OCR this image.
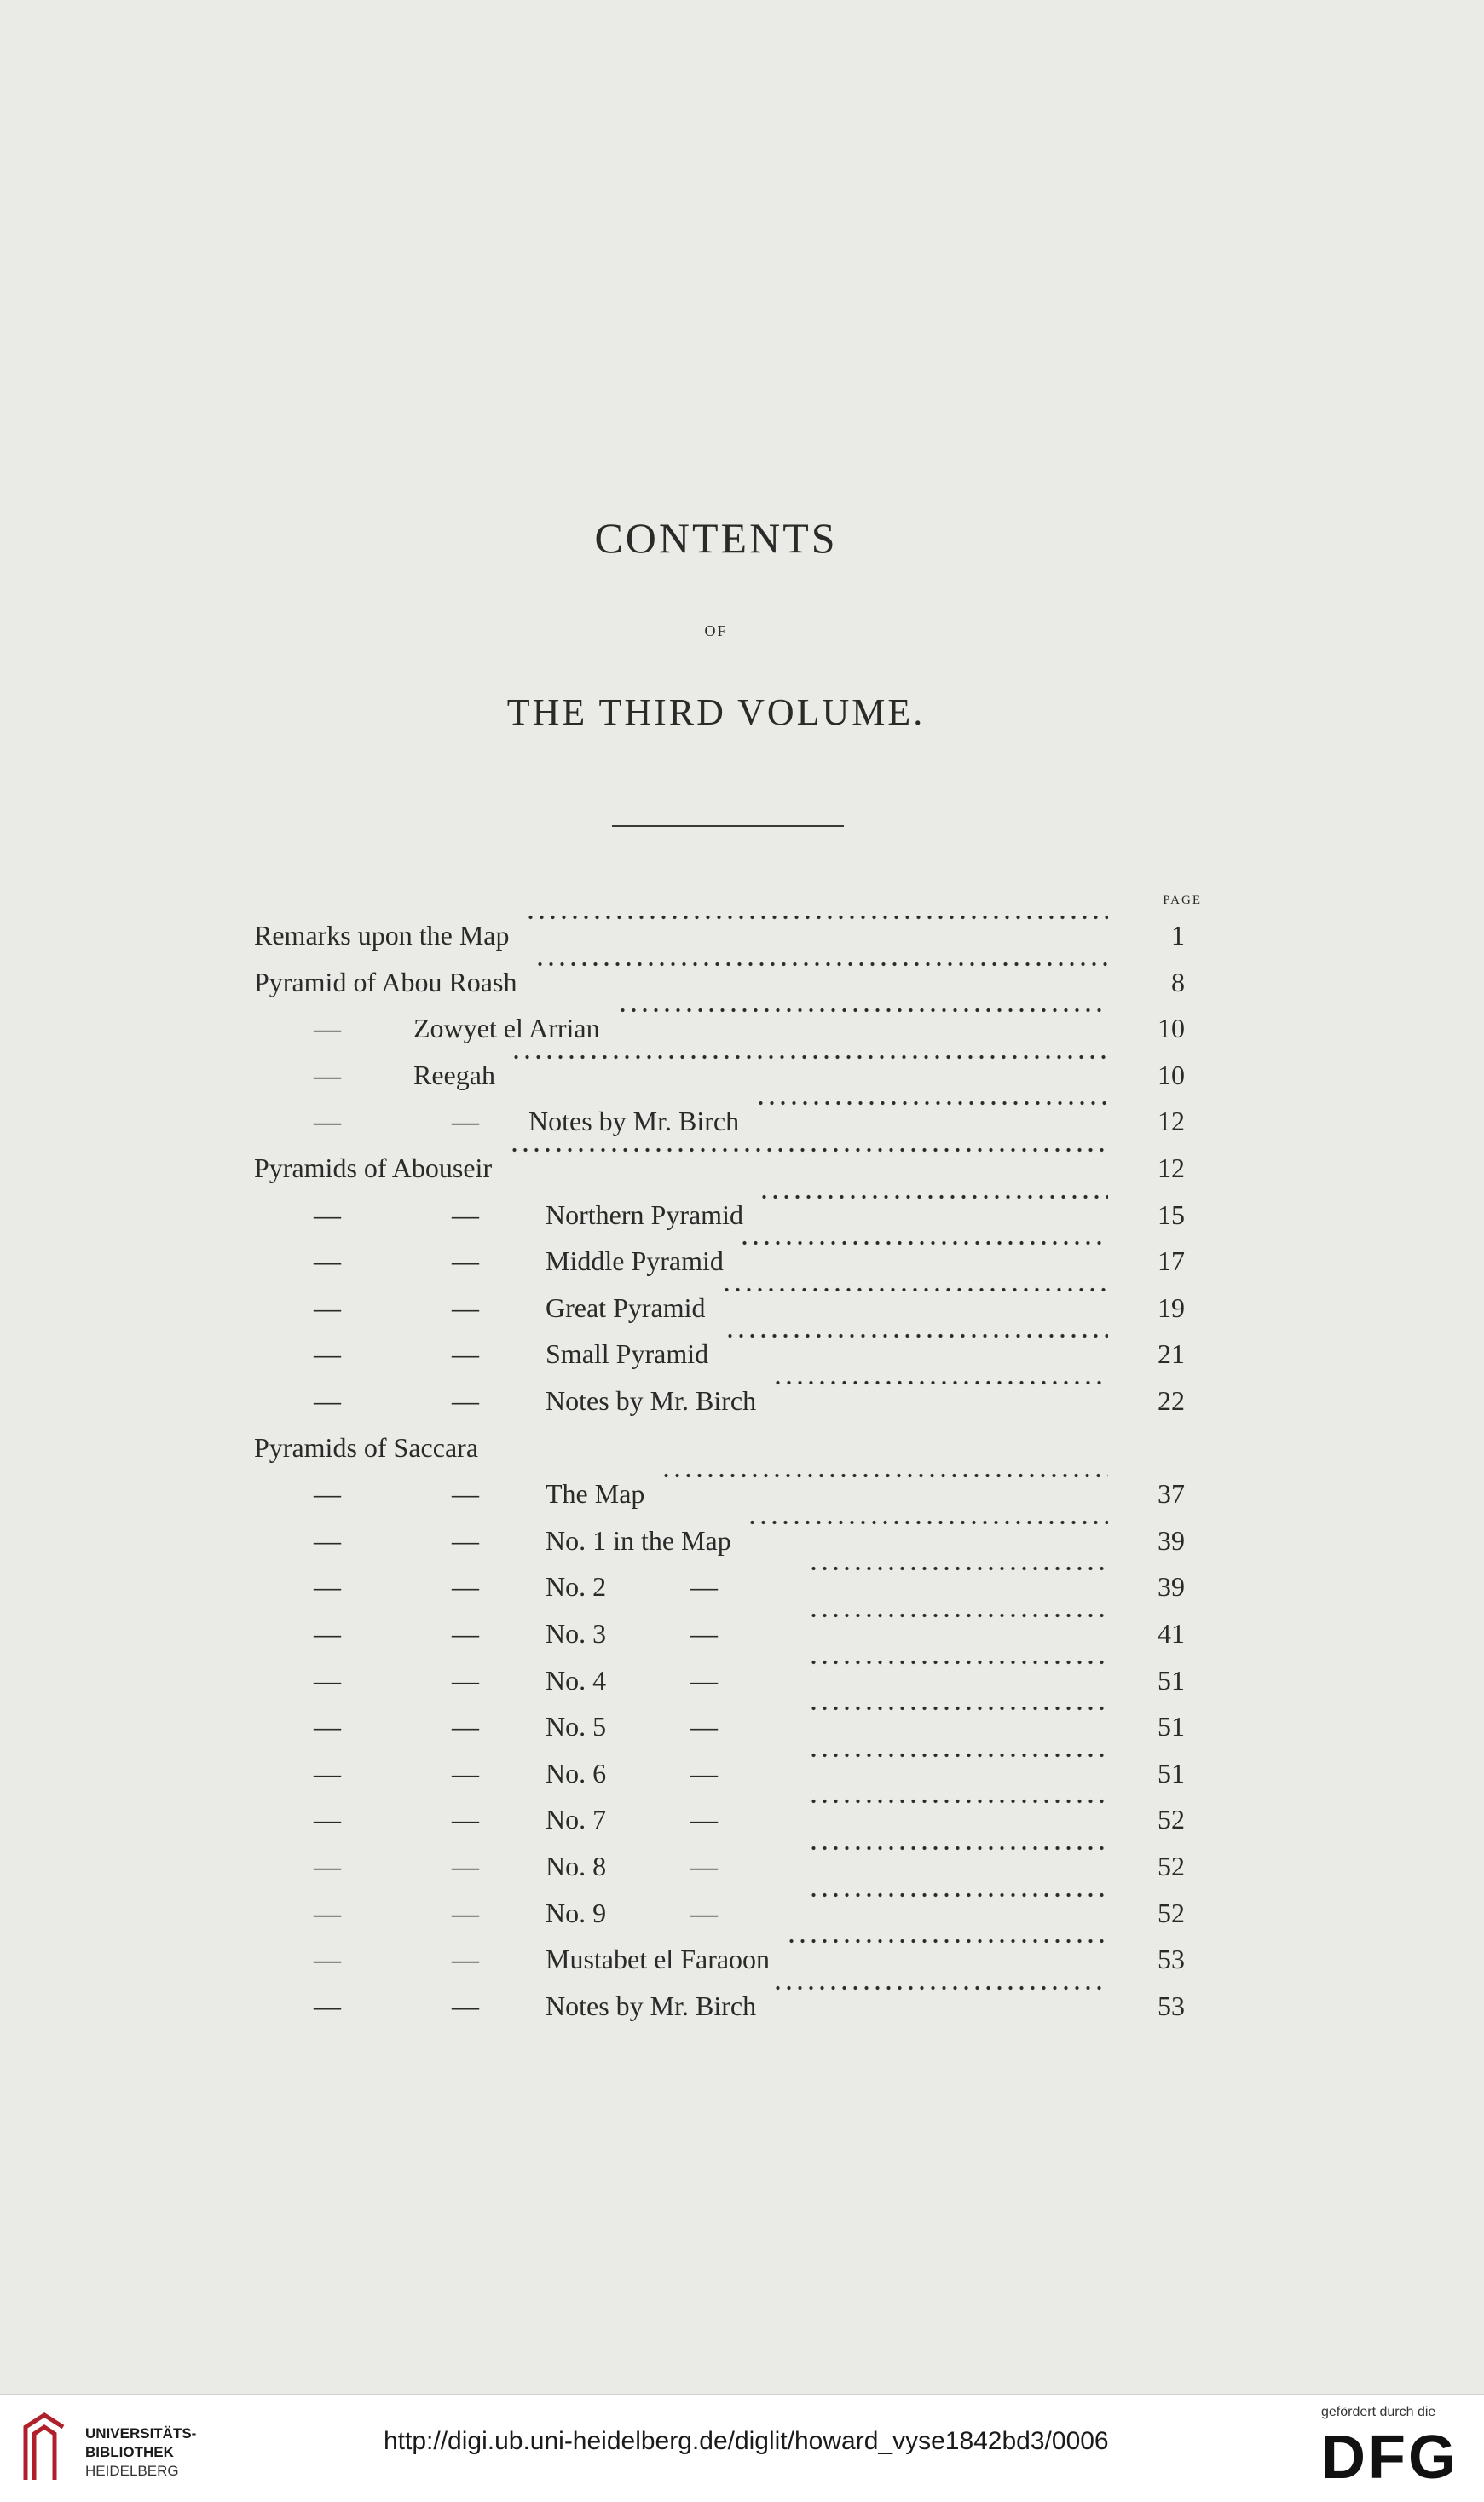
CONTENTS
OF
THE THIRD VOLUME.
PAGE
Remarks upon the Map	1
Pyramid of Abou Roash	8
—	Zowyet el Arrian	10
—	Reegah	10
—	— Notes by Mr. Birch	12
Pyramids of Abouseir	12
—	— Northern Pyramid	15
—	— Middle Pyramid	17
—	— Great Pyramid	19
—	— Small Pyramid	21
—	— Notes by Mr. Birch	22
Pyramids of Saccara
—	— The Map	37
—	— No. 1 in the Map	39
—	— No. 2	—	39
—	— No. 3	—	41
—	— No. 4	—	51
—	— No. 5	—	51
—	— No. 6	—	51
—	— No. 7	—	52
—	— No. 8	—	52
—	— No. 9	—	52
—	— Mustabet el Faraoon	53
—	— Notes by Mr. Birch	53
UNIVERSITÄTS-
BIBLIOTHEK
HEIDELBERG
http://digi.ub.uni-heidelberg.de/diglit/howard_vyse1842bd3/0006
gefördert durch die
DFG
